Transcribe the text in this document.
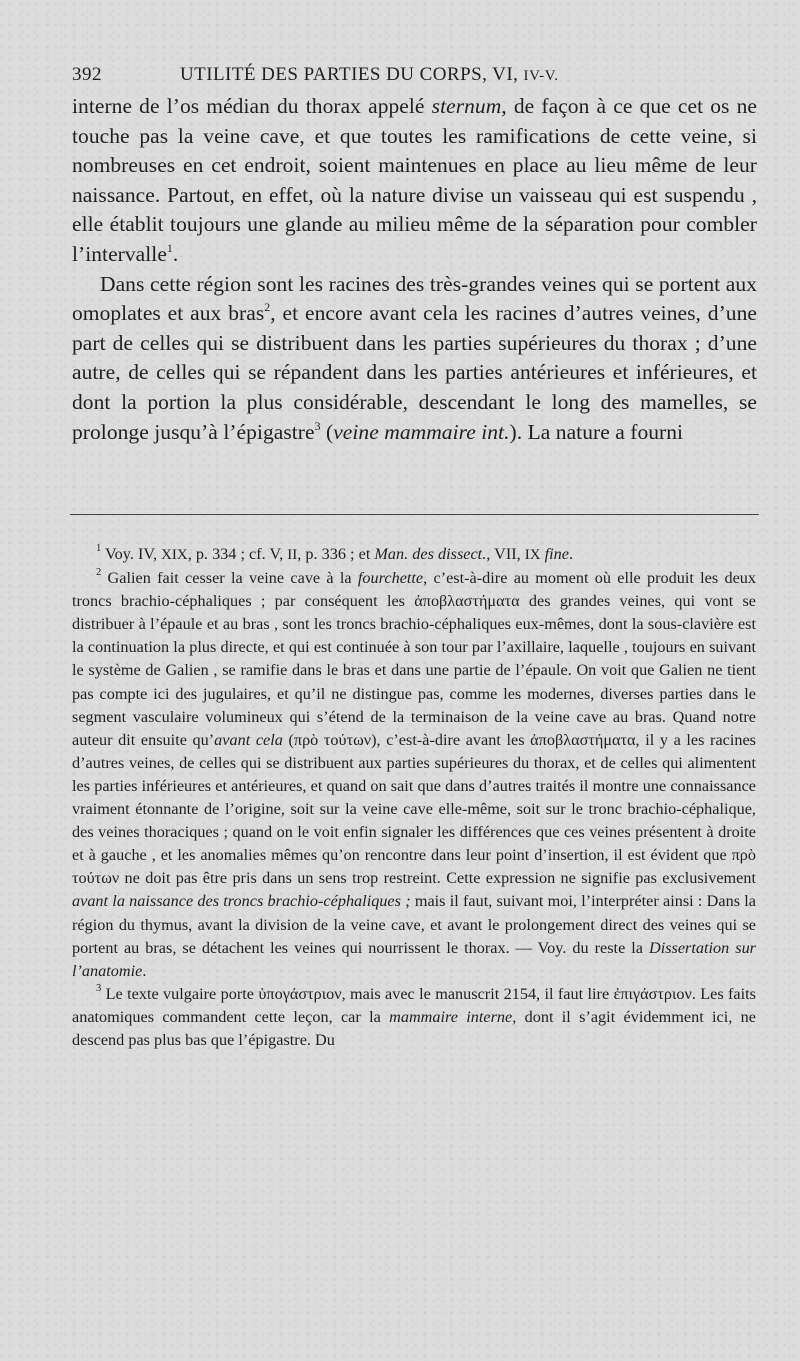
392	UTILITÉ DES PARTIES DU CORPS, VI, IV-V.

interne de l’os médian du thorax appelé sternum, de façon à ce que cet os ne touche pas la veine cave, et que toutes les ramifications de cette veine, si nombreuses en cet endroit, soient maintenues en place au lieu même de leur naissance. Partout, en effet, où la nature divise un vaisseau qui est suspendu , elle établit toujours une glande au milieu même de la séparation pour combler l’intervalle$^1$.

Dans cette région sont les racines des très-grandes veines qui se portent aux omoplates et aux bras$^2$, et encore avant cela les racines d’autres veines, d’une part de celles qui se distribuent dans les parties supérieures du thorax ; d’une autre, de celles qui se répandent dans les parties antérieures et inférieures, et dont la portion la plus considérable, descendant le long des mamelles, se prolonge jusqu’à l’épigastre$^3$ (veine mammaire int.). La nature a fourni

$^1$ Voy. IV, XIX, p. 334 ; cf. V, II, p. 336 ; et Man. des dissect., VII, IX fine.

$^2$ Galien fait cesser la veine cave à la fourchette, c’est-à-dire au moment où elle produit les deux troncs brachio-céphaliques ; par conséquent les ἀποβλαστήματα des grandes veines, qui vont se distribuer à l’épaule et au bras , sont les troncs brachio-céphaliques eux-mêmes, dont la sous-clavière est la continuation la plus directe, et qui est continuée à son tour par l’axillaire, laquelle , toujours en suivant le système de Galien , se ramifie dans le bras et dans une partie de l’épaule. On voit que Galien ne tient pas compte ici des jugulaires, et qu’il ne distingue pas, comme les modernes, diverses parties dans le segment vasculaire volumineux qui s’étend de la terminaison de la veine cave au bras. Quand notre auteur dit ensuite qu’avant cela (πρὸ τούτων), c’est-à-dire avant les ἀποβλαστήματα, il y a les racines d’autres veines, de celles qui se distribuent aux parties supérieures du thorax, et de celles qui alimentent les parties inférieures et antérieures, et quand on sait que dans d’autres traités il montre une connaissance vraiment étonnante de l’origine, soit sur la veine cave elle-même, soit sur le tronc brachio-céphalique, des veines thoraciques ; quand on le voit enfin signaler les différences que ces veines présentent à droite et à gauche , et les anomalies mêmes qu’on rencontre dans leur point d’insertion, il est évident que πρὸ τούτων ne doit pas être pris dans un sens trop restreint. Cette expression ne signifie pas exclusivement avant la naissance des troncs brachio-céphaliques ; mais il faut, suivant moi, l’interpréter ainsi : Dans la région du thymus, avant la division de la veine cave, et avant le prolongement direct des veines qui se portent au bras, se détachent les veines qui nourrissent le thorax. — Voy. du reste la Dissertation sur l’anatomie.

$^3$ Le texte vulgaire porte ὑπογάστριον, mais avec le manuscrit 2154, il faut lire ἐπιγάστριον. Les faits anatomiques commandent cette leçon, car la mammaire interne, dont il s’agit évidemment ici, ne descend pas plus bas que l’épigastre. Du
